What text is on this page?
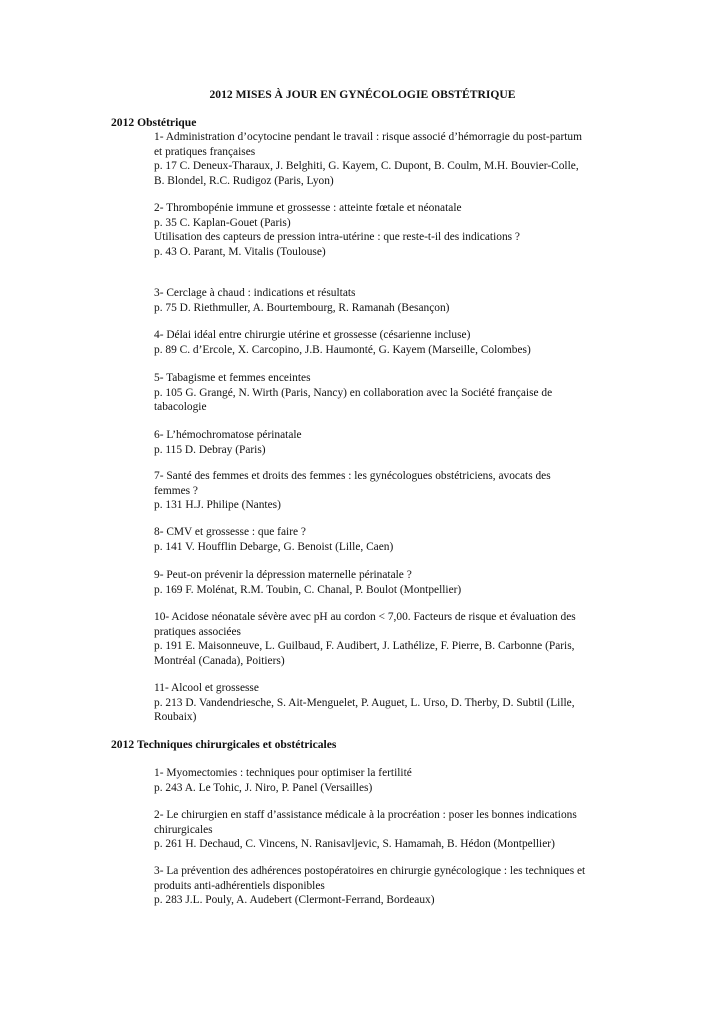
2012 MISES À JOUR EN GYNÉCOLOGIE OBSTÉTRIQUE
2012 Obstétrique
1- Administration d’ocytocine pendant le travail : risque associé d’hémorragie du post-partum
et pratiques françaises
p. 17 C. Deneux-Tharaux, J. Belghiti, G. Kayem, C. Dupont, B. Coulm, M.H. Bouvier-Colle,
B. Blondel, R.C. Rudigoz (Paris, Lyon)
2- Thrombopénie immune et grossesse : atteinte fœtale et néonatale
p. 35 C. Kaplan-Gouet (Paris)
Utilisation des capteurs de pression intra-utérine : que reste-t-il des indications ?
p. 43 O. Parant, M. Vitalis (Toulouse)
3- Cerclage à chaud : indications et résultats
p. 75 D. Riethmuller, A. Bourtembourg, R. Ramanah (Besançon)
4- Délai idéal entre chirurgie utérine et grossesse (césarienne incluse)
p. 89 C. d’Ercole, X. Carcopino, J.B. Haumonté, G. Kayem (Marseille, Colombes)
5- Tabagisme et femmes enceintes
p. 105 G. Grangé, N. Wirth (Paris, Nancy) en collaboration avec la Société française de
tabacologie
6- L’hémochromatose périnatale
p. 115 D. Debray (Paris)
7- Santé des femmes et droits des femmes : les gynécologues obstétriciens, avocats des
femmes ?
p. 131 H.J. Philipe (Nantes)
8- CMV et grossesse : que faire ?
p. 141 V. Houfflin Debarge, G. Benoist (Lille, Caen)
9- Peut-on prévenir la dépression maternelle périnatale ?
p. 169 F. Molénat, R.M. Toubin, C. Chanal, P. Boulot (Montpellier)
10- Acidose néonatale sévère avec pH au cordon < 7,00. Facteurs de risque et évaluation des
pratiques associées
p. 191 E. Maisonneuve, L. Guilbaud, F. Audibert, J. Lathélize, F. Pierre, B. Carbonne (Paris,
Montréal (Canada), Poitiers)
11- Alcool et grossesse
p. 213 D. Vandendriesche, S. Ait-Menguelet, P. Auguet, L. Urso, D. Therby, D. Subtil (Lille,
Roubaix)
2012 Techniques chirurgicales et obstétricales
1- Myomectomies : techniques pour optimiser la fertilité
p. 243 A. Le Tohic, J. Niro, P. Panel (Versailles)
2- Le chirurgien en staff d’assistance médicale à la procréation : poser les bonnes indications
chirurgicales
p. 261 H. Dechaud, C. Vincens, N. Ranisavljevic, S. Hamamah, B. Hédon (Montpellier)
3- La prévention des adhérences postopératoires en chirurgie gynécologique : les techniques et
produits anti-adhérentiels disponibles
p. 283 J.L. Pouly, A. Audebert (Clermont-Ferrand, Bordeaux)
